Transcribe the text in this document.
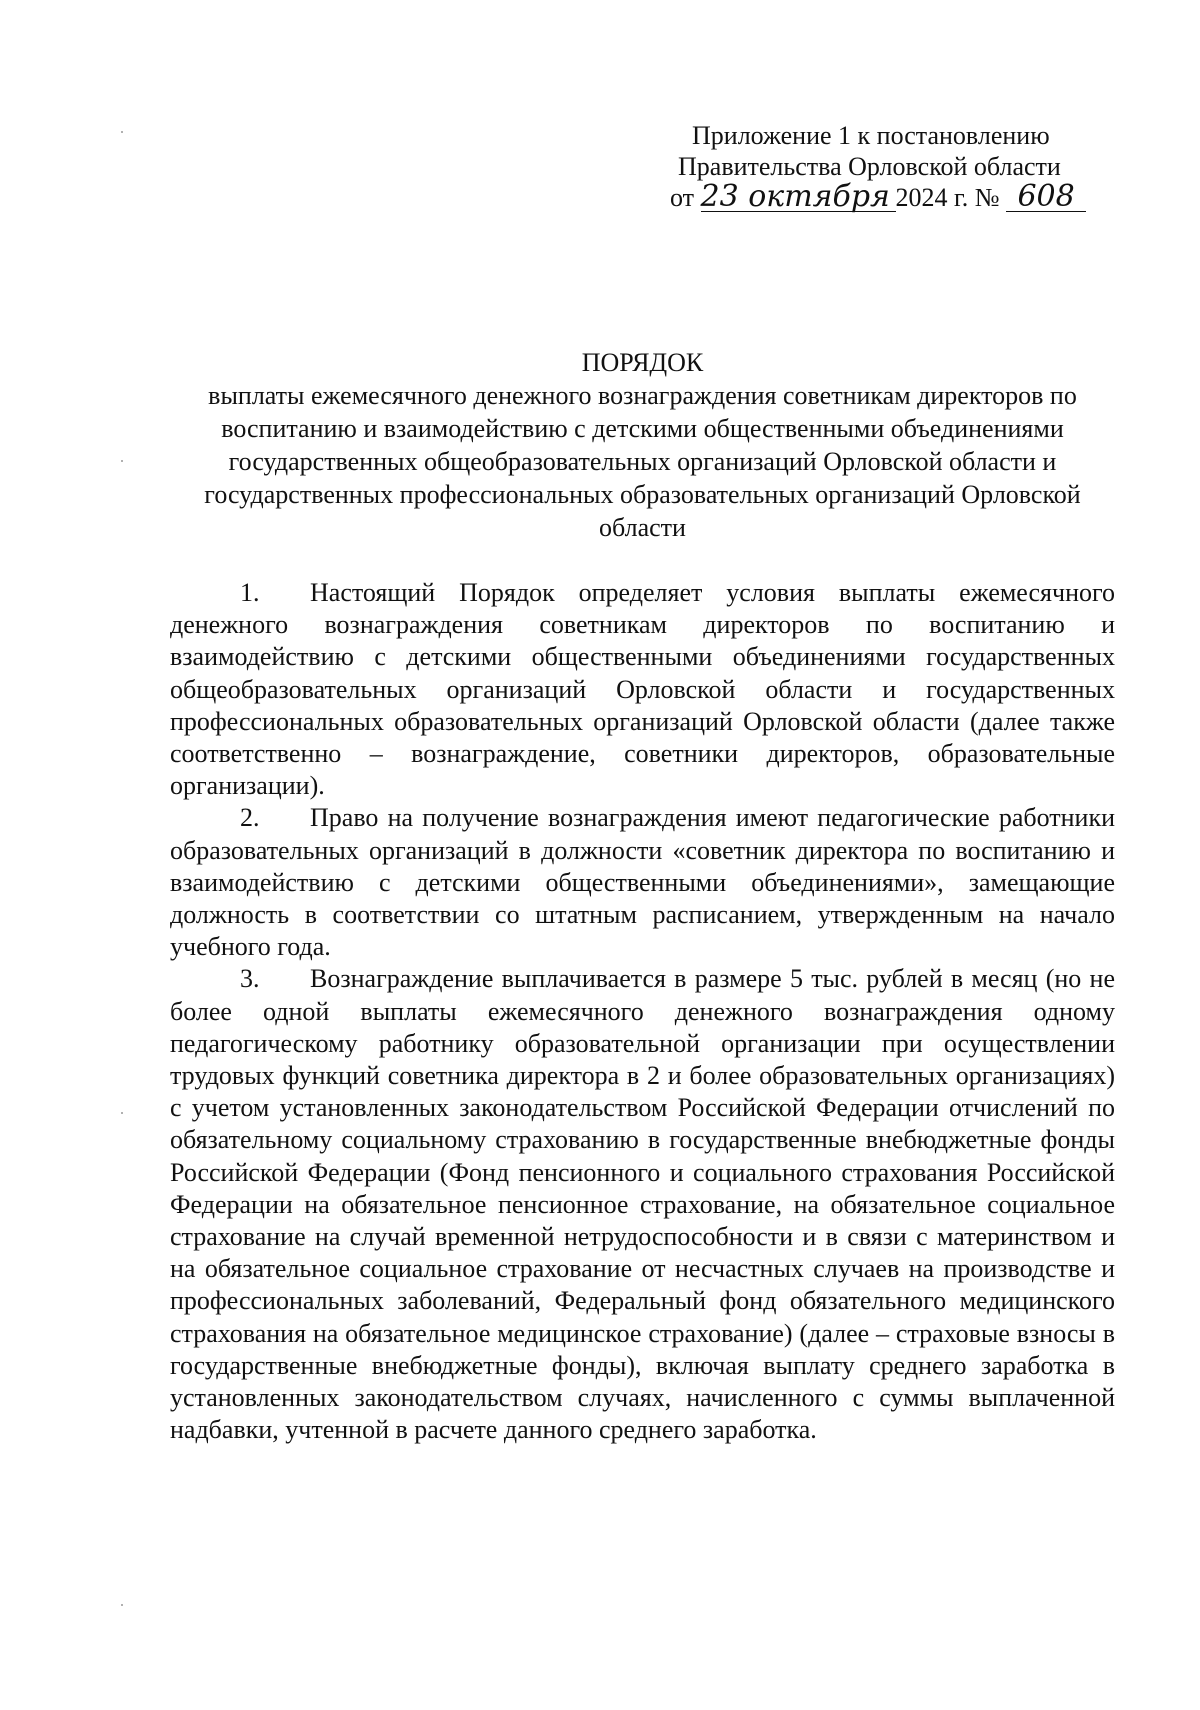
Приложение 1 к постановлению
Правительства Орловской области
от 23 октября 2024 г. № 608
ПОРЯДОК
выплаты ежемесячного денежного вознаграждения советникам директоров по воспитанию и взаимодействию с детскими общественными объединениями государственных общеобразовательных организаций Орловской области и государственных профессиональных образовательных организаций Орловской области

1. Настоящий Порядок определяет условия выплаты ежемесячного денежного вознаграждения советникам директоров по воспитанию и взаимодействию с детскими общественными объединениями государственных общеобразовательных организаций Орловской области и государственных профессиональных образовательных организаций Орловской области (далее также соответственно – вознаграждение, советники директоров, образовательные организации).

2. Право на получение вознаграждения имеют педагогические работники образовательных организаций в должности «советник директора по воспитанию и взаимодействию с детскими общественными объединениями», замещающие должность в соответствии со штатным расписанием, утвержденным на начало учебного года.

3. Вознаграждение выплачивается в размере 5 тыс. рублей в месяц (но не более одной выплаты ежемесячного денежного вознаграждения одному педагогическому работнику образовательной организации при осуществлении трудовых функций советника директора в 2 и более образовательных организациях) с учетом установленных законодательством Российской Федерации отчислений по обязательному социальному страхованию в государственные внебюджетные фонды Российской Федерации (Фонд пенсионного и социального страхования Российской Федерации на обязательное пенсионное страхование, на обязательное социальное страхование на случай временной нетрудоспособности и в связи с материнством и на обязательное социальное страхование от несчастных случаев на производстве и профессиональных заболеваний, Федеральный фонд обязательного медицинского страхования на обязательное медицинское страхование) (далее – страховые взносы в государственные внебюджетные фонды), включая выплату среднего заработка в установленных законодательством случаях, начисленного с суммы выплаченной надбавки, учтенной в расчете данного среднего заработка.
